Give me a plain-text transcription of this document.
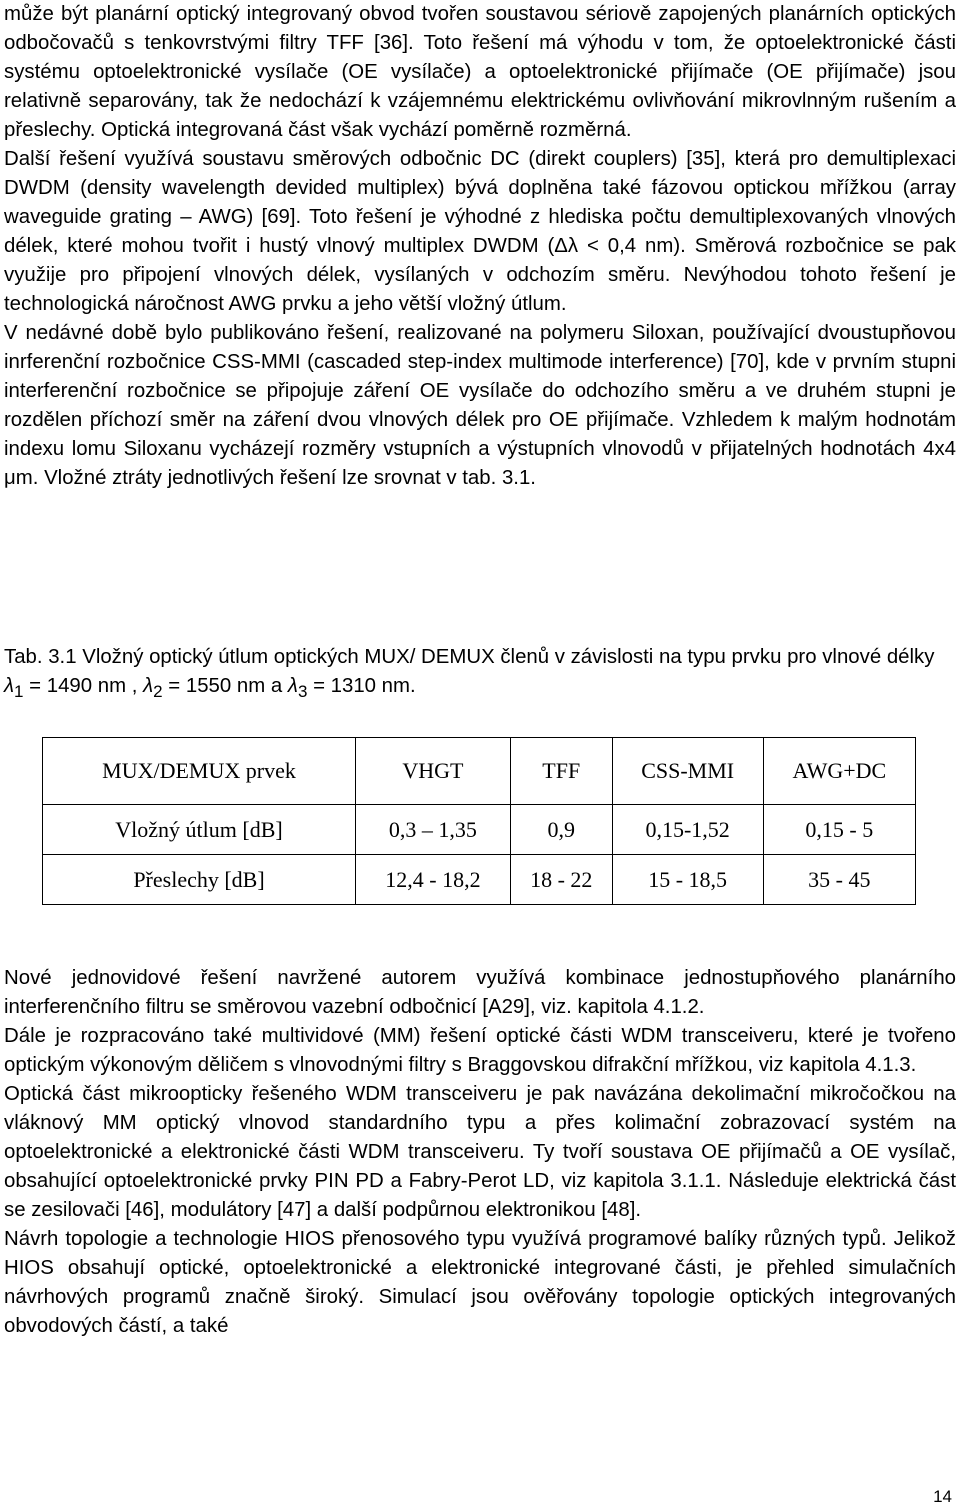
může být planární optický integrovaný obvod tvořen soustavou sériově zapojených planárních optických odbočovačů s tenkovrstvými filtry TFF [36]. Toto řešení má výhodu v tom, že optoelektronické části systému optoelektronické vysílače (OE vysílače) a optoelektronické přijímače (OE přijímače) jsou relativně separovány, tak že nedochází k vzájemnému elektrickému ovlivňování mikrovlnným rušením a přeslechy. Optická integrovaná část však vychází poměrně rozměrná.

Další řešení využívá soustavu směrových odbočnic DC (direkt couplers) [35], která pro demultiplexaci DWDM (density wavelength devided multiplex) bývá doplněna také fázovou optickou mřížkou (array waveguide grating – AWG) [69]. Toto řešení je výhodné z hlediska počtu demultiplexovaných vlnových délek, které mohou tvořit i hustý vlnový multiplex DWDM (Δλ < 0,4 nm). Směrová rozbočnice se pak využije pro připojení vlnových délek, vysílaných v odchozím směru. Nevýhodou tohoto řešení je technologická náročnost AWG prvku a jeho větší vložný útlum.

V nedávné době bylo publikováno řešení, realizované na polymeru Siloxan, používající dvoustupňovou inrferenční rozbočnice CSS-MMI (cascaded step-index multimode interference) [70], kde v prvním stupni interferenční rozbočnice se připojuje záření OE vysílače do odchozího směru a ve druhém stupni je rozdělen příchozí směr na záření dvou vlnových délek pro OE přijímače. Vzhledem k malým hodnotám indexu lomu Siloxanu vycházejí rozměry vstupních a výstupních vlnovodů v přijatelných hodnotách 4x4 μm. Vložné ztráty jednotlivých řešení lze srovnat v tab. 3.1.

Tab. 3.1 Vložný optický útlum optických MUX/ DEMUX členů v závislosti na typu prvku pro vlnové délky $\lambda_1 = 1490$ nm , $\lambda_2 = 1550$ nm a $\lambda_3 = 1310$ nm.
MUX/DEMUX prvek	VHGT	TFF	CSS-MMI	AWG+DC
Vložný útlum [dB]	0,3 – 1,35	0,9	0,15-1,52	0,15 - 5
Přeslechy [dB]	12,4 - 18,2	18 - 22	15 - 18,5	35 - 45

Nové jednovidové řešení navržené autorem využívá kombinace jednostupňového planárního interferenčního filtru se směrovou vazební odbočnicí [A29], viz. kapitola 4.1.2.

Dále je rozpracováno také multividové (MM) řešení optické části WDM transceiveru, které je tvořeno optickým výkonovým děličem s vlnovodnými filtry s Braggovskou difrakční mřížkou, viz kapitola 4.1.3.

Optická část mikroopticky řešeného WDM transceiveru je pak navázána dekolimační mikročočkou na vláknový MM optický vlnovod standardního typu a přes kolimační zobrazovací systém na optoelektronické a elektronické části WDM transceiveru. Ty tvoří soustava OE přijímačů a OE vysílač, obsahující optoelektronické prvky PIN PD a Fabry-Perot LD, viz kapitola 3.1.1. Následuje elektrická část se zesilovači [46], modulátory [47] a další podpůrnou elektronikou [48].

Návrh topologie a technologie HIOS přenosového typu využívá programové balíky různých typů. Jelikož HIOS obsahují optické, optoelektronické a elektronické integrované části, je přehled simulačních návrhových programů značně široký. Simulací jsou ověřovány topologie optických integrovaných obvodových částí, a také

14
